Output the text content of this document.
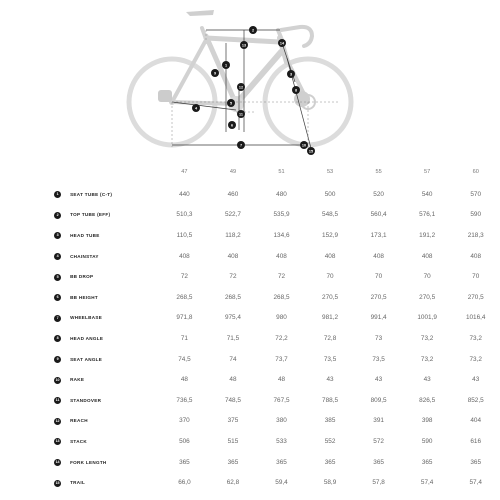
1
2
3
4
5
6
7
8
9
10
11
12
13	14
15
		47	49	51	53	55	57	60
1	SEAT TUBE (C-T)	440	460	480	500	520	540	570
2	TOP TUBE (EFF)	510,3	522,7	535,9	548,5	560,4	576,1	590
3	HEAD TUBE	110,5	118,2	134,6	152,9	173,1	191,2	218,3
4	CHAINSTAY	408	408	408	408	408	408	408
5	BB DROP	72	72	72	70	70	70	70
6	BB HEIGHT	268,5	268,5	268,5	270,5	270,5	270,5	270,5
7	WHEELBASE	971,8	975,4	980	981,2	991,4	1001,9	1016,4
8	HEAD ANGLE	71	71,5	72,2	72,8	73	73,2	73,2
9	SEAT ANGLE	74,5	74	73,7	73,5	73,5	73,2	73,2
10	RAKE	48	48	48	43	43	43	43
11	STANDOVER	736,5	748,5	767,5	788,5	809,5	826,5	852,5
12	REACH	370	375	380	385	391	398	404
13	STACK	506	515	533	552	572	590	616
14	FORK LENGTH	365	365	365	365	365	365	365
15	TRAIL	66,0	62,8	59,4	58,9	57,8	57,4	57,4
